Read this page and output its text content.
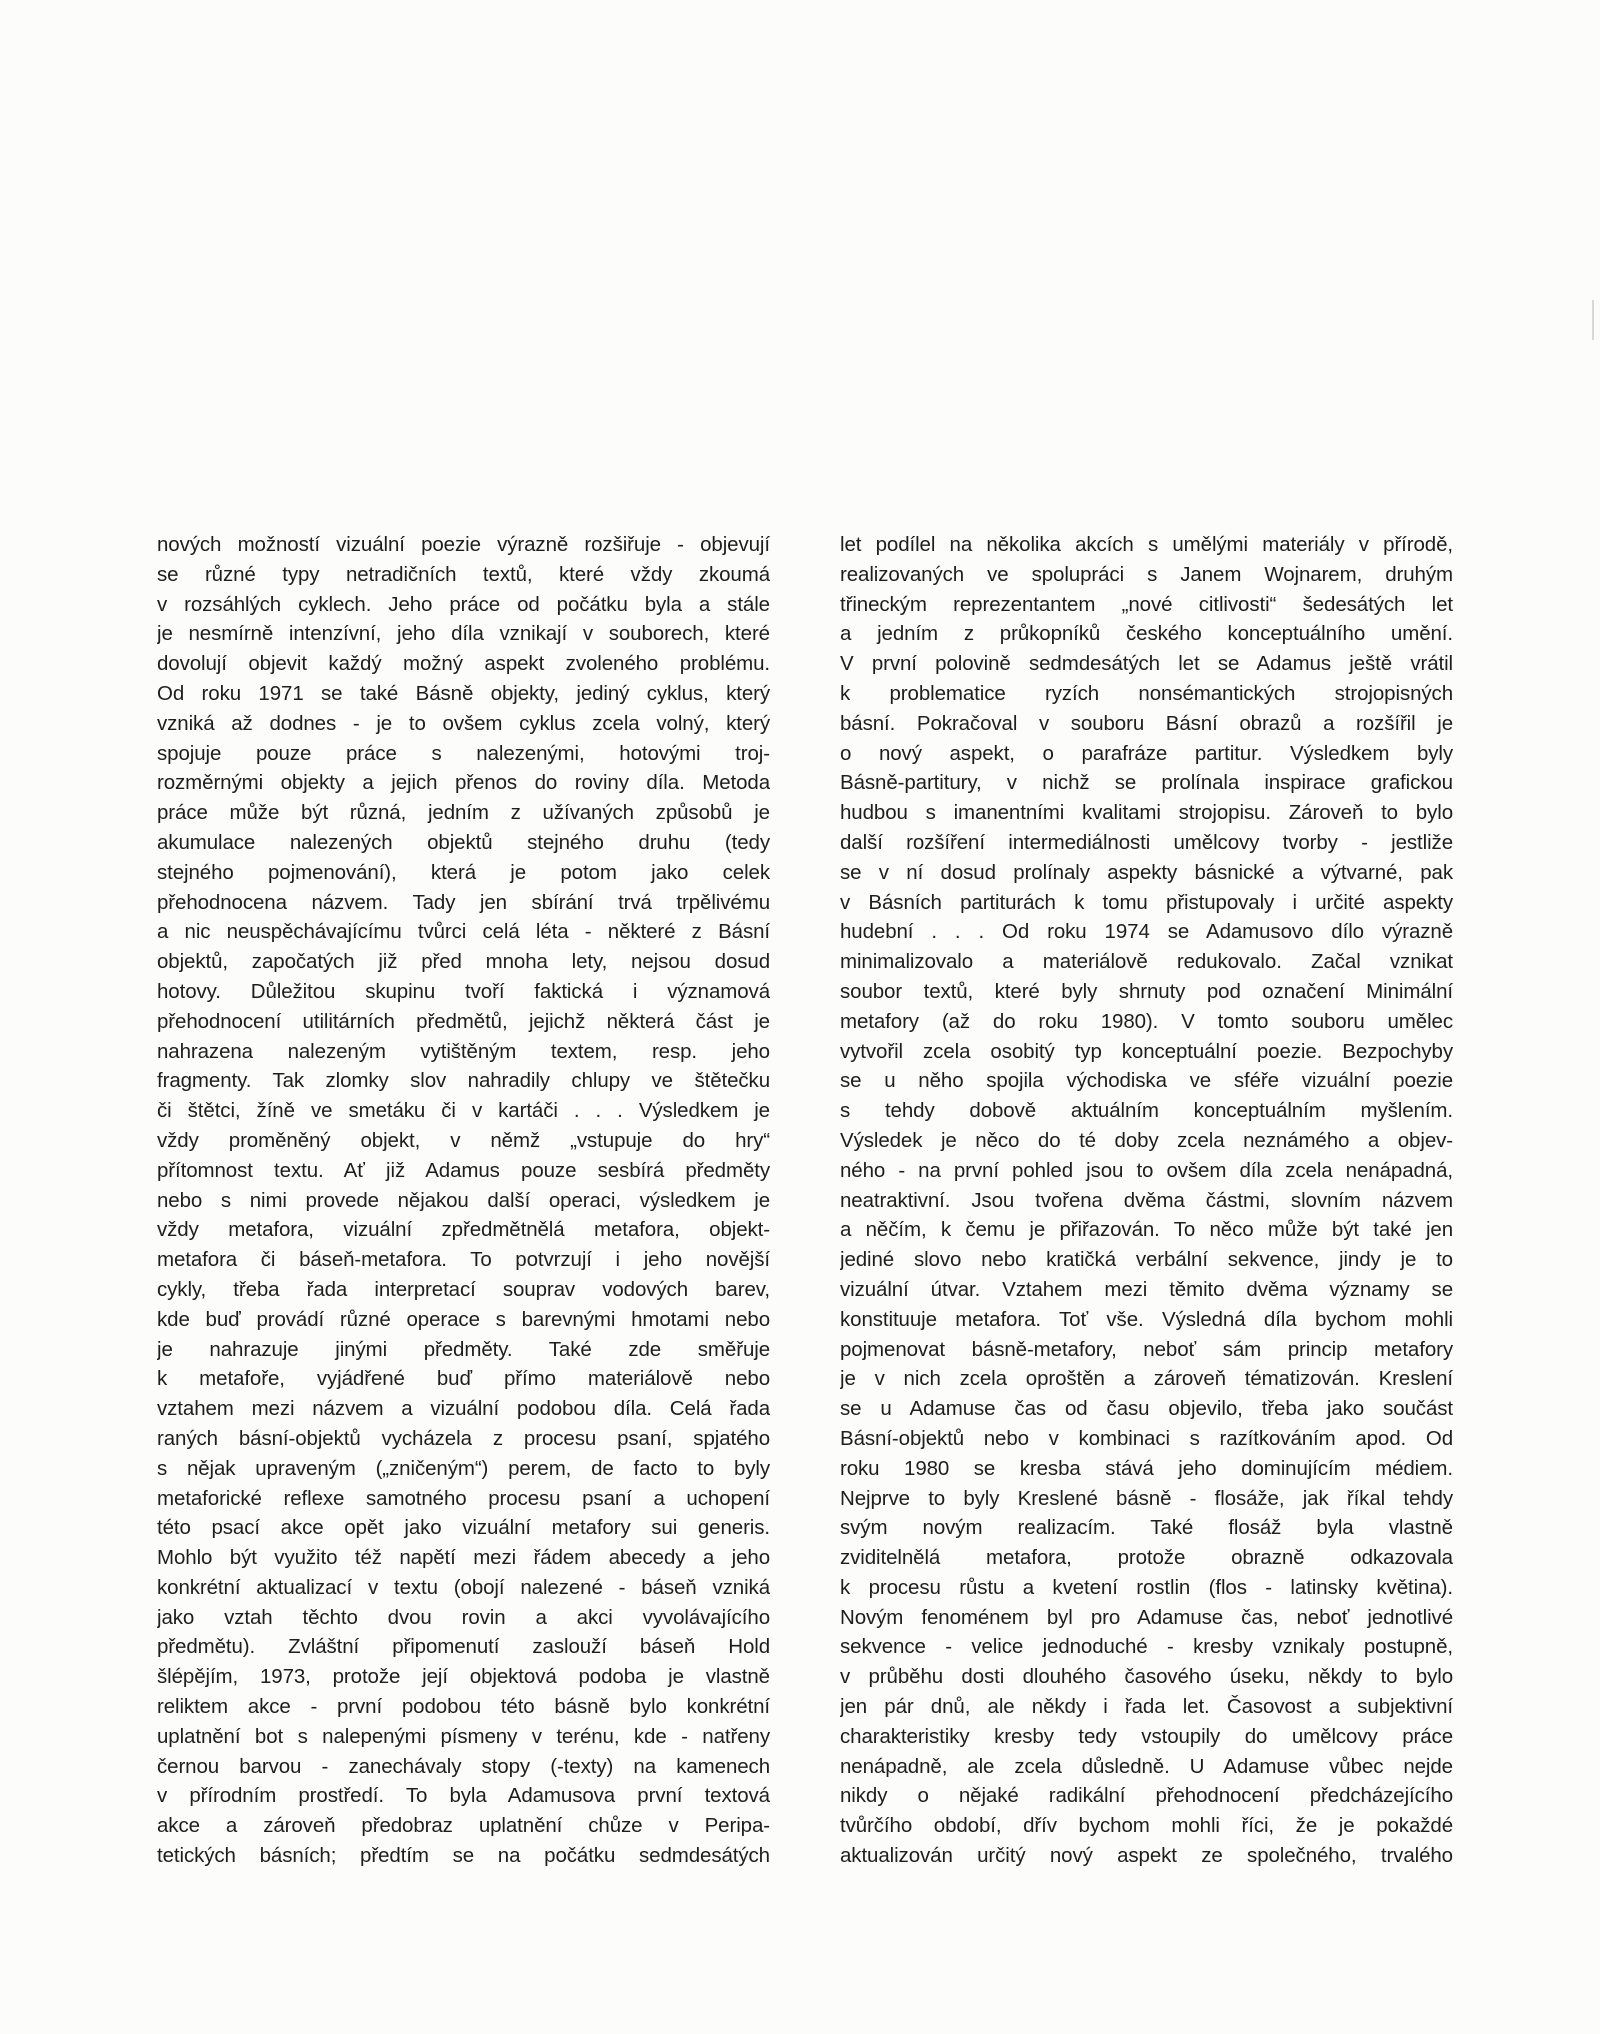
nových možností vizuální poezie výrazně rozšiřuje - objevují
se různé typy netradičních textů, které vždy zkoumá
v rozsáhlých cyklech. Jeho práce od počátku byla a stále
je nesmírně intenzívní, jeho díla vznikají v souborech, které
dovolují objevit každý možný aspekt zvoleného problému.
Od roku 1971 se také Básně objekty, jediný cyklus, který
vzniká až dodnes - je to ovšem cyklus zcela volný, který
spojuje pouze práce s nalezenými, hotovými troj-
rozměrnými objekty a jejich přenos do roviny díla. Metoda
práce může být různá, jedním z užívaných způsobů je
akumulace nalezených objektů stejného druhu (tedy
stejného pojmenování), která je potom jako celek
přehodnocena názvem. Tady jen sbírání trvá trpělivému
a nic neuspěchávajícímu tvůrci celá léta - některé z Básní
objektů, započatých již před mnoha lety, nejsou dosud
hotovy. Důležitou skupinu tvoří faktická i významová
přehodnocení utilitárních předmětů, jejichž některá část je
nahrazena nalezeným vytištěným textem, resp. jeho
fragmenty. Tak zlomky slov nahradily chlupy ve štětečku
či štětci, žíně ve smetáku či v kartáči . . . Výsledkem je
vždy proměněný objekt, v němž „vstupuje do hry“
přítomnost textu. Ať již Adamus pouze sesbírá předměty
nebo s nimi provede nějakou další operaci, výsledkem je
vždy metafora, vizuální zpředmětnělá metafora, objekt-
metafora či báseň-metafora. To potvrzují i jeho novější
cykly, třeba řada interpretací souprav vodových barev,
kde buď provádí různé operace s barevnými hmotami nebo
je nahrazuje jinými předměty. Také zde směřuje
k metafoře, vyjádřené buď přímo materiálově nebo
vztahem mezi názvem a vizuální podobou díla. Celá řada
raných básní-objektů vycházela z procesu psaní, spjatého
s nějak upraveným („zničeným“) perem, de facto to byly
metaforické reflexe samotného procesu psaní a uchopení
této psací akce opět jako vizuální metafory sui generis.
Mohlo být využito též napětí mezi řádem abecedy a jeho
konkrétní aktualizací v textu (obojí nalezené - báseň vzniká
jako vztah těchto dvou rovin a akci vyvolávajícího
předmětu). Zvláštní připomenutí zaslouží báseň Hold
šlépějím, 1973, protože její objektová podoba je vlastně
reliktem akce - první podobou této básně bylo konkrétní
uplatnění bot s nalepenými písmeny v terénu, kde - natřeny
černou barvou - zanechávaly stopy (-texty) na kamenech
v přírodním prostředí. To byla Adamusova první textová
akce a zároveň předobraz uplatnění chůze v Peripa-
tetických básních; předtím se na počátku sedmdesátých
let podílel na několika akcích s umělými materiály v přírodě,
realizovaných ve spolupráci s Janem Wojnarem, druhým
třineckým reprezentantem „nové citlivosti“ šedesátých let
a jedním z průkopníků českého konceptuálního umění.
V první polovině sedmdesátých let se Adamus ještě vrátil
k problematice ryzích nonsémantických strojopisných
básní. Pokračoval v souboru Básní obrazů a rozšířil je
o nový aspekt, o parafráze partitur. Výsledkem byly
Básně-partitury, v nichž se prolínala inspirace grafickou
hudbou s imanentními kvalitami strojopisu. Zároveň to bylo
další rozšíření intermediálnosti umělcovy tvorby - jestliže
se v ní dosud prolínaly aspekty básnické a výtvarné, pak
v Básních partiturách k tomu přistupovaly i určité aspekty
hudební . . . Od roku 1974 se Adamusovo dílo výrazně
minimalizovalo a materiálově redukovalo. Začal vznikat
soubor textů, které byly shrnuty pod označení Minimální
metafory (až do roku 1980). V tomto souboru umělec
vytvořil zcela osobitý typ konceptuální poezie. Bezpochyby
se u něho spojila východiska ve sféře vizuální poezie
s tehdy dobově aktuálním konceptuálním myšlením.
Výsledek je něco do té doby zcela neznámého a objev-
ného - na první pohled jsou to ovšem díla zcela nenápadná,
neatraktivní. Jsou tvořena dvěma částmi, slovním názvem
a něčím, k čemu je přiřazován. To něco může být také jen
jediné slovo nebo kratičká verbální sekvence, jindy je to
vizuální útvar. Vztahem mezi těmito dvěma významy se
konstituuje metafora. Toť vše. Výsledná díla bychom mohli
pojmenovat básně-metafory, neboť sám princip metafory
je v nich zcela oproštěn a zároveň tématizován. Kreslení
se u Adamuse čas od času objevilo, třeba jako součást
Básní-objektů nebo v kombinaci s razítkováním apod. Od
roku 1980 se kresba stává jeho dominujícím médiem.
Nejprve to byly Kreslené básně - flosáže, jak říkal tehdy
svým novým realizacím. Také flosáž byla vlastně
zviditelnělá metafora, protože obrazně odkazovala
k procesu růstu a kvetení rostlin (flos - latinsky květina).
Novým fenoménem byl pro Adamuse čas, neboť jednotlivé
sekvence - velice jednoduché - kresby vznikaly postupně,
v průběhu dosti dlouhého časového úseku, někdy to bylo
jen pár dnů, ale někdy i řada let. Časovost a subjektivní
charakteristiky kresby tedy vstoupily do umělcovy práce
nenápadně, ale zcela důsledně. U Adamuse vůbec nejde
nikdy o nějaké radikální přehodnocení předcházejícího
tvůrčího období, dřív bychom mohli říci, že je pokaždé
aktualizován určitý nový aspekt ze společného, trvalého
